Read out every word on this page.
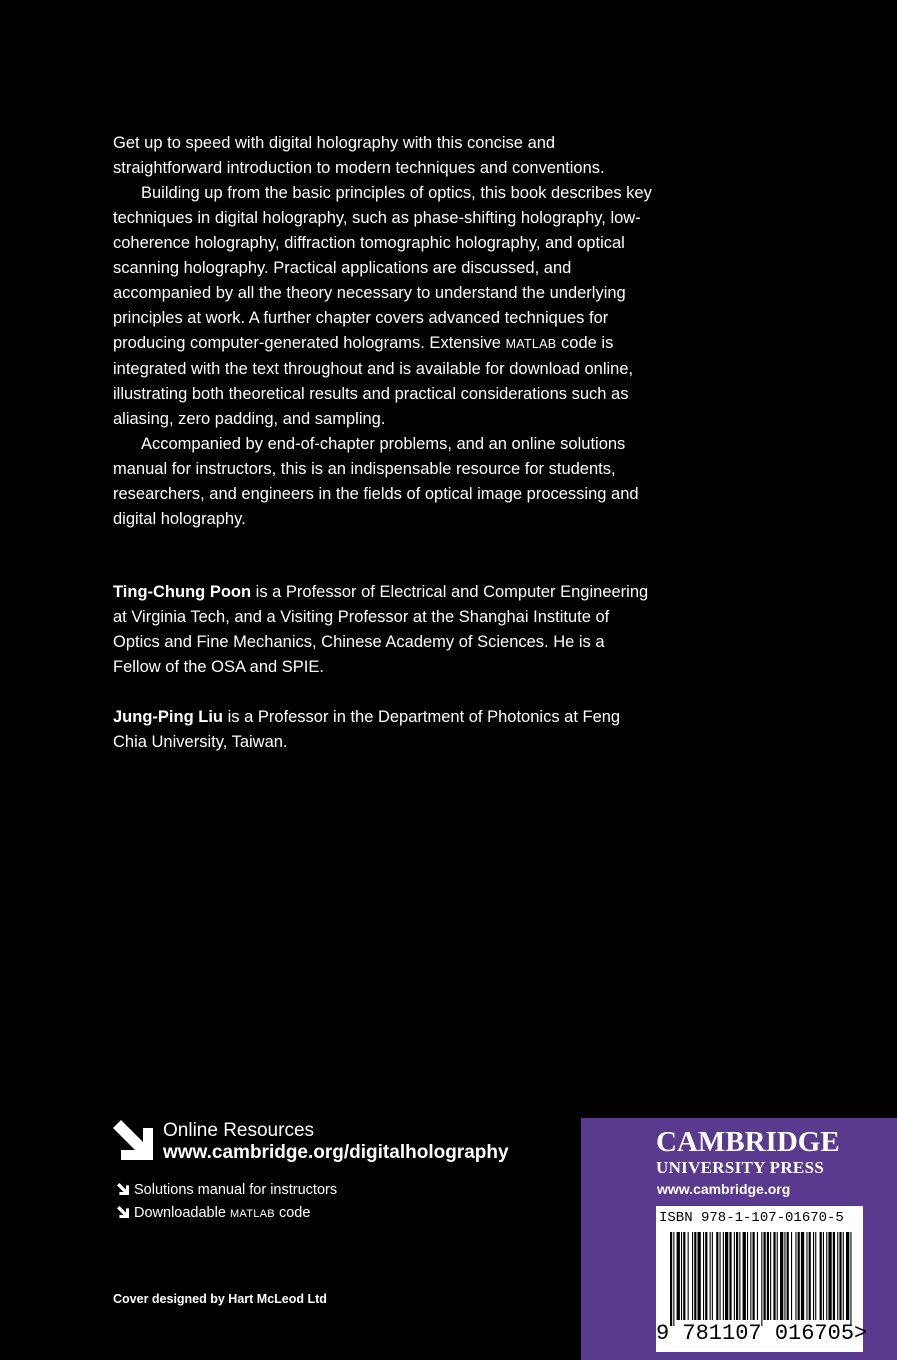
Get up to speed with digital holography with this concise and straightforward introduction to modern techniques and conventions.

Building up from the basic principles of optics, this book describes key techniques in digital holography, such as phase-shifting holography, low-coherence holography, diffraction tomographic holography, and optical scanning holography. Practical applications are discussed, and accompanied by all the theory necessary to understand the underlying principles at work. A further chapter covers advanced techniques for producing computer-generated holograms. Extensive MATLAB code is integrated with the text throughout and is available for download online, illustrating both theoretical results and practical considerations such as aliasing, zero padding, and sampling.

Accompanied by end-of-chapter problems, and an online solutions manual for instructors, this is an indispensable resource for students, researchers, and engineers in the fields of optical image processing and digital holography.

Ting-Chung Poon is a Professor of Electrical and Computer Engineering at Virginia Tech, and a Visiting Professor at the Shanghai Institute of Optics and Fine Mechanics, Chinese Academy of Sciences. He is a Fellow of the OSA and SPIE.

Jung-Ping Liu is a Professor in the Department of Photonics at Feng Chia University, Taiwan.

Online Resources
www.cambridge.org/digitalholography
Solutions manual for instructors
Downloadable MATLAB code
Cover designed by Hart McLeod Ltd
CAMBRIDGE
UNIVERSITY PRESS
www.cambridge.org
ISBN 978-1-107-01670-5
9 781107 016705>
